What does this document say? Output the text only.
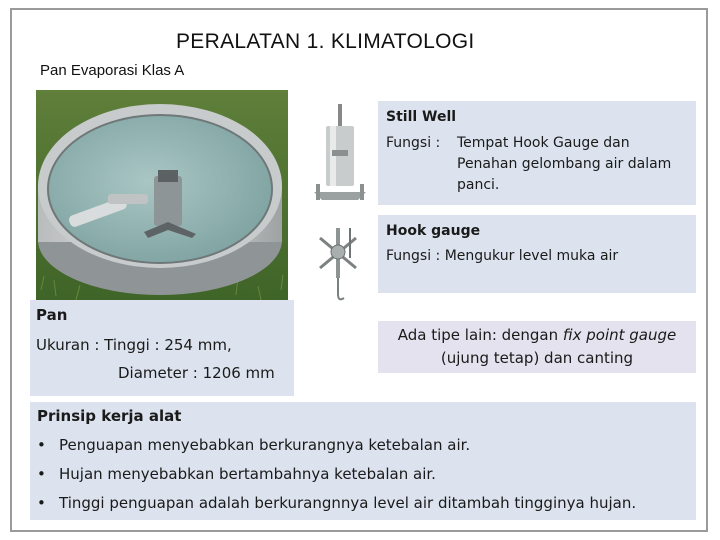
PERALATAN 1. KLIMATOLOGI
Pan Evaporasi Klas A
Still Well
Fungsi : Tempat Hook Gauge dan
Penahan gelombang air dalam
panci.
Hook gauge
Fungsi : Mengukur level muka air
Pan
Ukuran : Tinggi : 254 mm,
Diameter : 1206 mm
Ada tipe lain: dengan fix point gauge
(ujung tetap) dan canting
Prinsip kerja alat
• Penguapan menyebabkan berkurangnya ketebalan air.
• Hujan menyebabkan bertambahnya ketebalan air.
• Tinggi penguapan adalah berkurangnnya level air ditambah tingginya hujan.
